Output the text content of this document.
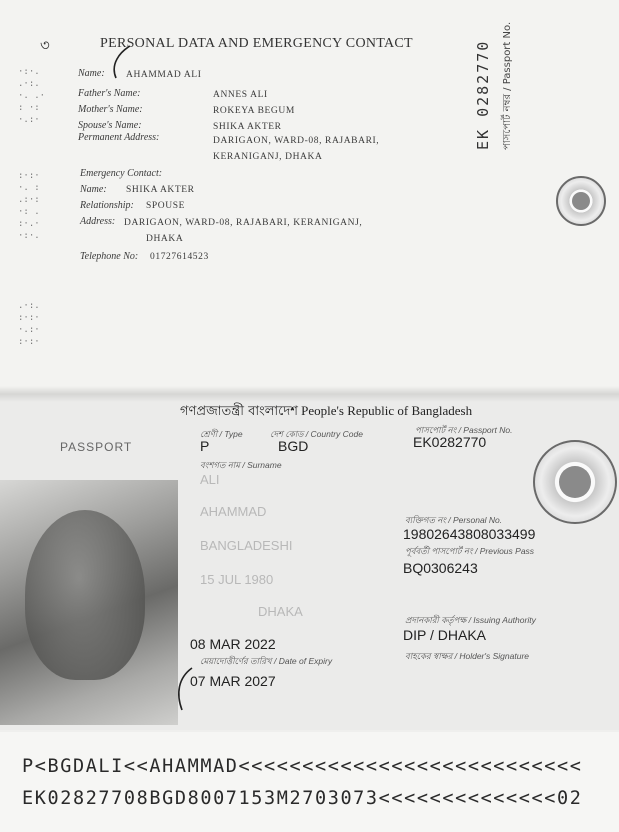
৩	PERSONAL DATA AND EMERGENCY CONTACT
·:·.
.·:.
·. .·
: ·:
·.:·
:·:·
·. :
.:·:
·: .
:·.·
·:·.
.·:.
:·:·
·.:·
:·:·
Name: AHAMMAD ALI
Father's Name:	ANNES ALI
Mother's Name:	ROKEYA BEGUM
Spouse's Name:	SHIKA AKTER
Permanent Address:	DARIGAON, WARD-08, RAJABARI,
KERANIGANJ, DHAKA
Emergency Contact:
Name: SHIKA AKTER
Relationship: SPOUSE
Address: DARIGAON, WARD-08, RAJABARI, KERANIGANJ,
DHAKA
Telephone No: 01727614523
EK 0282770 পাসপোর্ট নম্বর / Passport No.
গণপ্রজাতন্ত্রী বাংলাদেশ People's Republic of Bangladesh
PASSPORT
শ্রেণী / Type
P
দেশ কোড / Country Code
BGD
পাসপোর্ট নং / Passport No.
EK0282770
বংশগত নাম / Surname
ALI
AHAMMAD
BANGLADESHI
15 JUL 1980
DHAKA
08 MAR 2022
মেয়াদোত্তীর্ণের তারিখ / Date of Expiry
07 MAR 2027
ব্যক্তিগত নং / Personal No.
19802643808033499
পূর্ববর্তী পাসপোর্ট নং / Previous Pass
BQ0306243
প্রদানকারী কর্তৃপক্ষ / Issuing Authority
DIP / DHAKA
বাহকের স্বাক্ষর / Holder's Signature
P<BGDALI<<AHAMMAD<<<<<<<<<<<<<<<<<<<<<<<<<<<
EK02827708BGD8007153M2703073<<<<<<<<<<<<<<02
